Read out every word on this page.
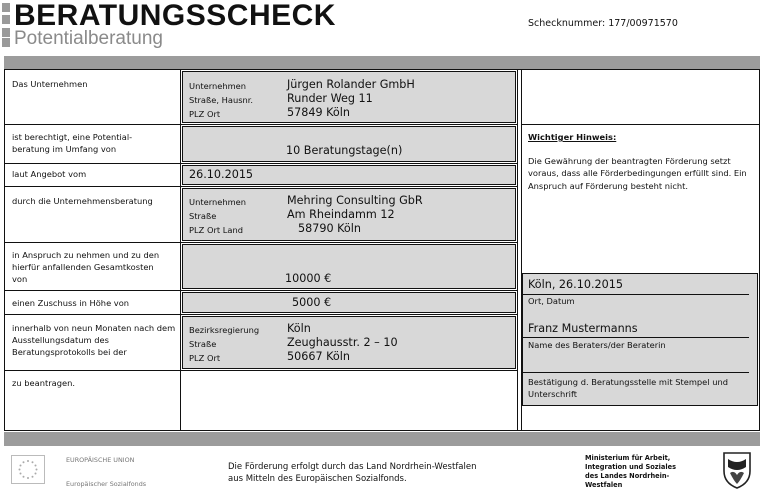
BERATUNGSSCHECK
Potentialberatung
Schecknummer: 177/00971570
Das Unternehmen
ist berechtigt, eine Potential-beratung im Umfang von
laut Angebot vom
durch die Unternehmensberatung
in Anspruch zu nehmen und zu den hierfür anfallenden Gesamtkosten von
einen Zuschuss in Höhe von
innerhalb von neun Monaten nach dem Ausstellungsdatum des Beratungsprotokolls bei der
zu beantragen.
Unternehmen
Straße, Hausnr.
PLZ Ort
Jürgen Rolander GmbH
Runder Weg 11
57849 Köln
10 Beratungstage(n)
26.10.2015
Unternehmen
Straße
PLZ Ort Land
Mehring Consulting GbR
Am Rheindamm 12
58790 Köln
10000 €
5000 €
Bezirksregierung
Straße
PLZ Ort
Köln
Zeughausstr. 2 – 10
50667 Köln
Wichtiger Hinweis:
Die Gewährung der beantragten Förderung setzt voraus, dass alle Förderbedingungen erfüllt sind. Ein Anspruch auf Förderung besteht nicht.
Köln, 26.10.2015
Ort, Datum
Franz Mustermanns
Name des Beraters/der Beraterin
Bestätigung d. Beratungsstelle mit Stempel und Unterschrift
EUROPÄISCHE UNION
Europäischer Sozialfonds
Die Förderung erfolgt durch das Land Nordrhein-Westfalen aus Mitteln des Europäischen Sozialfonds.
Ministerium für Arbeit,
Integration und Soziales
des Landes Nordrhein-Westfalen
